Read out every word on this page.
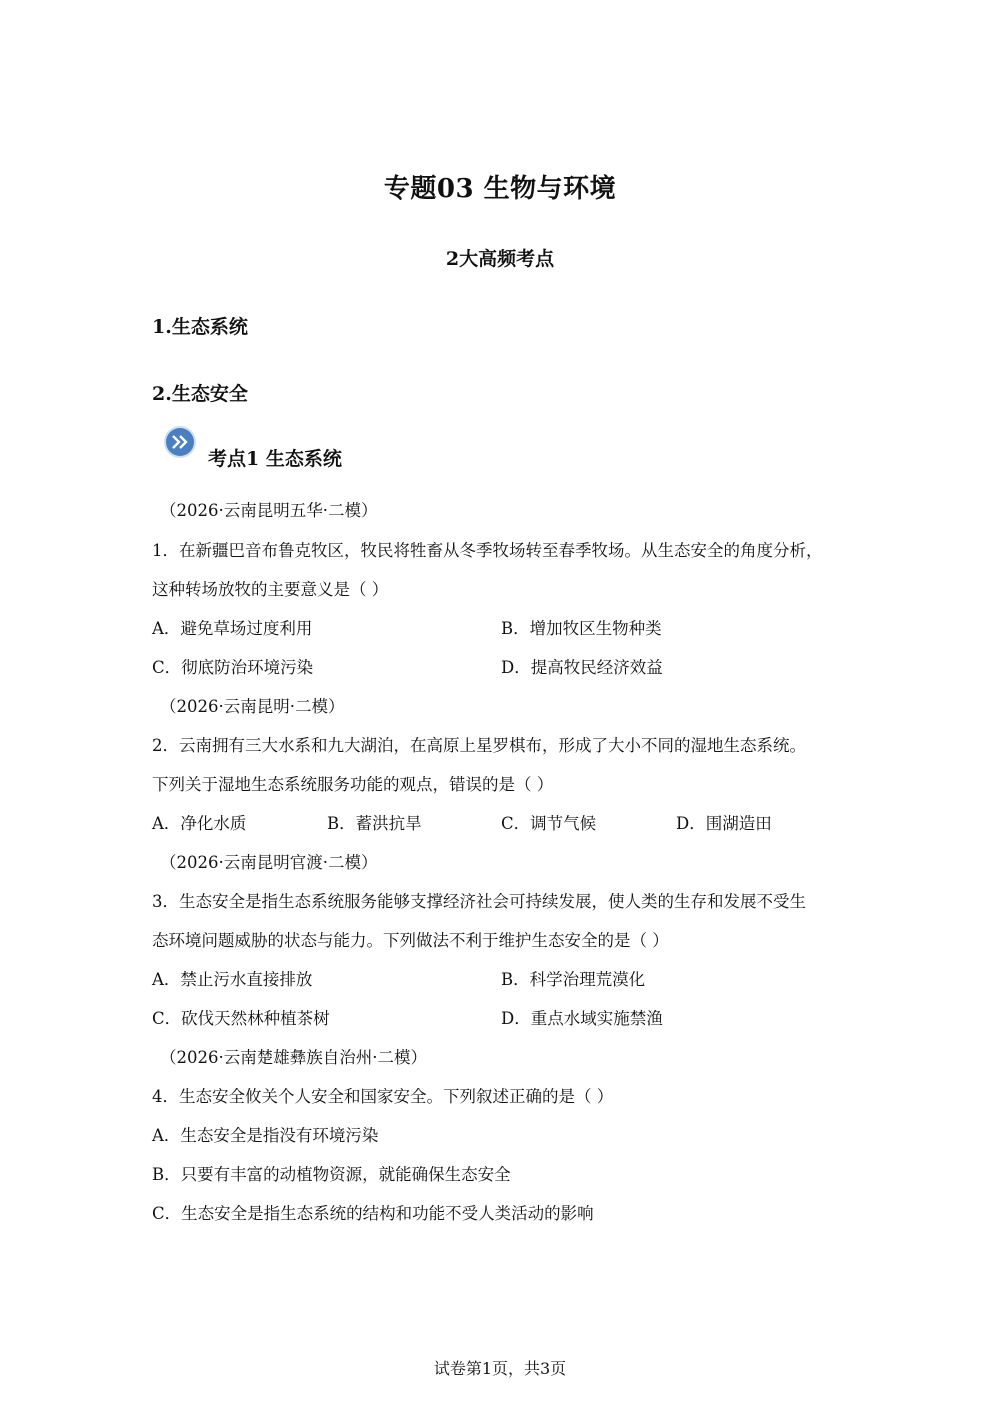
专题03 生物与环境
2大高频考点
1.生态系统
2.生态安全
考点1 生态系统
（2026·云南昆明五华·二模）
1．在新疆巴音布鲁克牧区，牧民将牲畜从冬季牧场转至春季牧场。从生态安全的角度分析，
这种转场放牧的主要意义是（ ）
A．避免草场过度利用	B．增加牧区生物种类
C．彻底防治环境污染	D．提高牧民经济效益
（2026·云南昆明·二模）
2．云南拥有三大水系和九大湖泊，在高原上星罗棋布，形成了大小不同的湿地生态系统。
下列关于湿地生态系统服务功能的观点，错误的是（ ）
A．净化水质	B．蓄洪抗旱	C．调节气候	D．围湖造田
（2026·云南昆明官渡·二模）
3．生态安全是指生态系统服务能够支撑经济社会可持续发展，使人类的生存和发展不受生
态环境问题威胁的状态与能力。下列做法不利于维护生态安全的是（ ）
A．禁止污水直接排放	B．科学治理荒漠化
C．砍伐天然林种植茶树	D．重点水域实施禁渔
（2026·云南楚雄彝族自治州·二模）
4．生态安全攸关个人安全和国家安全。下列叙述正确的是（ ）
A．生态安全是指没有环境污染
B．只要有丰富的动植物资源，就能确保生态安全
C．生态安全是指生态系统的结构和功能不受人类活动的影响
试卷第1页，共3页
